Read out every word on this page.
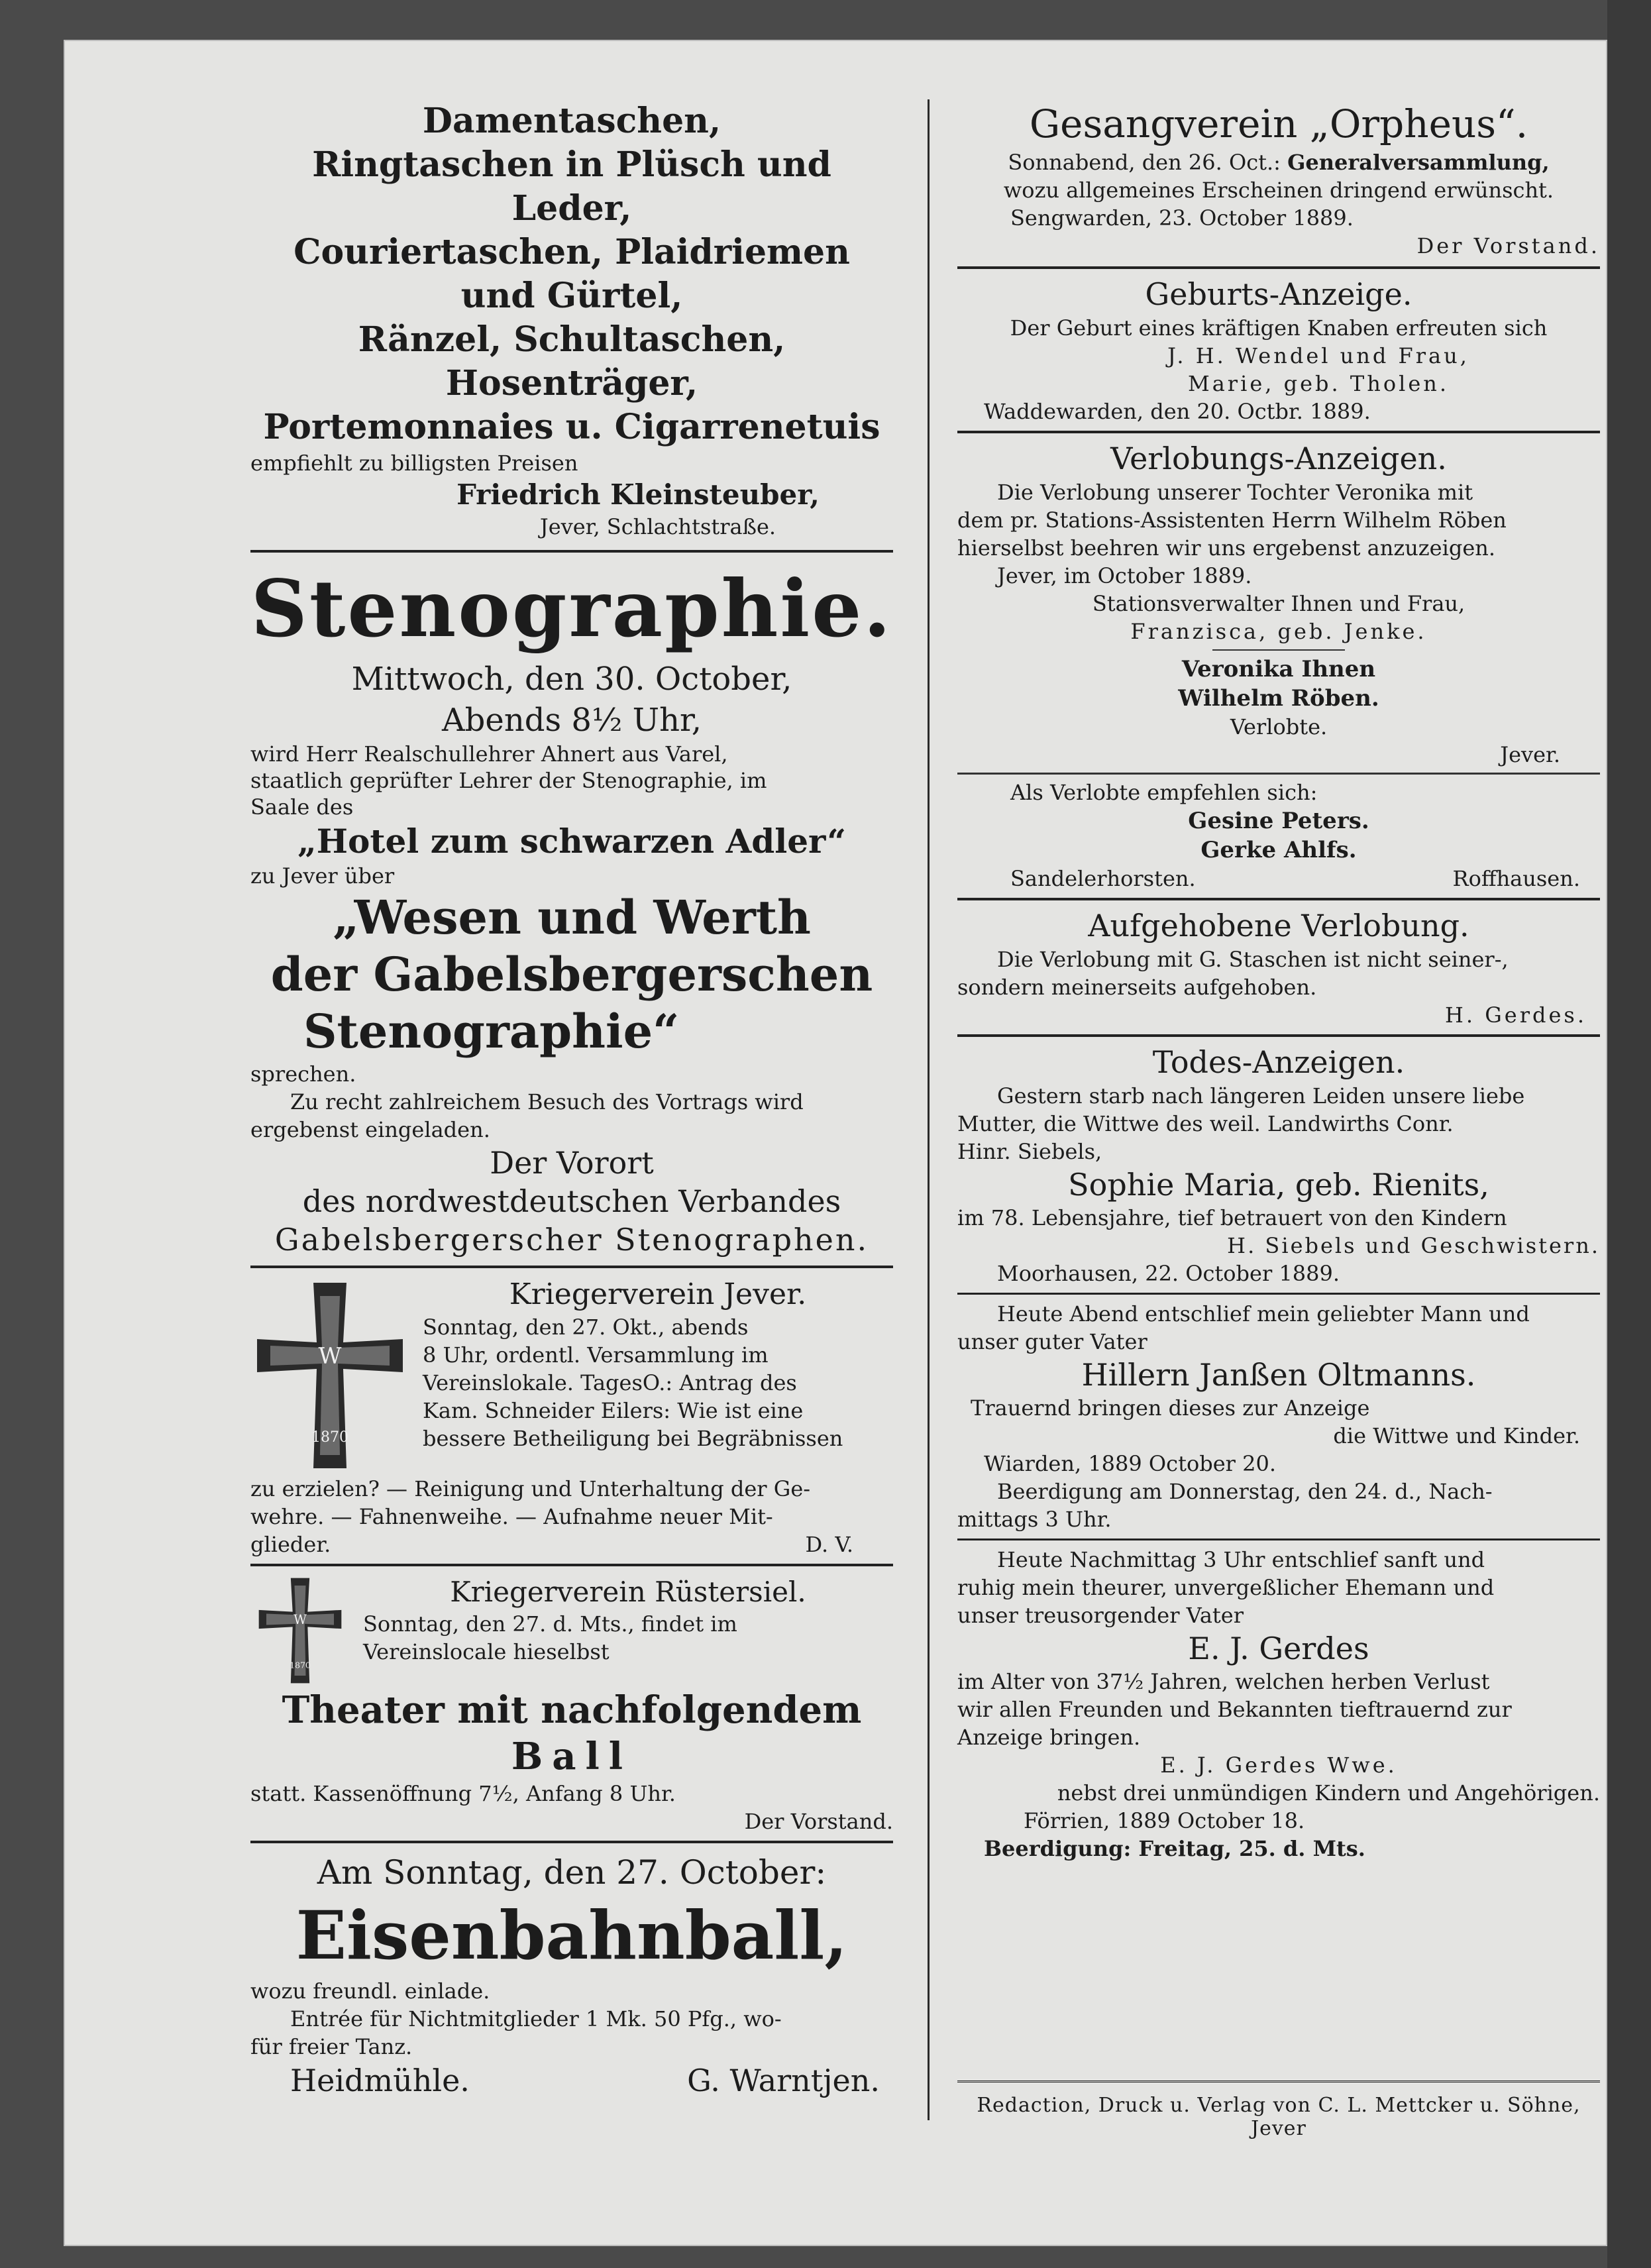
Damentaschen,

Ringtaschen in Plüsch und Leder,

Couriertaschen, Plaidriemen

und Gürtel,

Ränzel, Schultaschen, Hosenträger,

Portemonnaies u. Cigarrenetuis

empfiehlt zu billigsten Preisen

Friedrich Kleinsteuber,

Jever, Schlachtstraße.

Stenographie.

Mittwoch, den 30. October,

Abends 8½ Uhr,

wird Herr Realschullehrer Ahnert aus Varel,

staatlich geprüfter Lehrer der Stenographie, im

Saale des

„Hotel zum schwarzen Adler“

zu Jever über

„Wesen und Werth

der Gabelsbergerschen

Stenographie“

sprechen.

Zu recht zahlreichem Besuch des Vortrags wird

ergebenst eingeladen.

Der Vorort

des nordwestdeutschen Verbandes

Gabelsbergerscher Stenographen.

W
1870

Kriegerverein Jever.

Sonntag, den 27. Okt., abends

8 Uhr, ordentl. Versammlung im

Vereinslokale. TagesO.: Antrag des

Kam. Schneider Eilers: Wie ist eine

bessere Betheiligung bei Begräbnissen

zu erzielen? — Reinigung und Unterhaltung der Ge-

wehre. — Fahnenweihe. — Aufnahme neuer Mit-

glieder.	D. V.
W
1870

Kriegerverein Rüstersiel.

Sonntag, den 27. d. Mts., findet im

Vereinslocale hieselbst

Theater mit nachfolgendem

Ball

statt. Kassenöffnung 7½, Anfang 8 Uhr.

Der Vorstand.

Am Sonntag, den 27. October:

Eisenbahnball,

wozu freundl. einlade.

Entrée für Nichtmitglieder 1 Mk. 50 Pfg., wo-

für freier Tanz.

Heidmühle.	G. Warntjen.

Gesangverein „Orpheus“.

Sonnabend, den 26. Oct.: Generalversammlung,

wozu allgemeines Erscheinen dringend erwünscht.

Sengwarden, 23. October 1889.

Der Vorstand.

Geburts-Anzeige.

Der Geburt eines kräftigen Knaben erfreuten sich

J. H. Wendel und Frau,

Marie, geb. Tholen.

Waddewarden, den 20. Octbr. 1889.

Verlobungs-Anzeigen.

Die Verlobung unserer Tochter Veronika mit

dem pr. Stations-Assistenten Herrn Wilhelm Röben

hierselbst beehren wir uns ergebenst anzuzeigen.

Jever, im October 1889.

Stationsverwalter Ihnen und Frau,

Franzisca, geb. Jenke.

Veronika Ihnen

Wilhelm Röben.

Verlobte.

Jever.

Als Verlobte empfehlen sich:

Gesine Peters.

Gerke Ahlfs.

Sandelerhorsten.	Roffhausen.

Aufgehobene Verlobung.

Die Verlobung mit G. Staschen ist nicht seiner-,

sondern meinerseits aufgehoben.

H. Gerdes.

Todes-Anzeigen.

Gestern starb nach längeren Leiden unsere liebe

Mutter, die Wittwe des weil. Landwirths Conr.

Hinr. Siebels,

Sophie Maria, geb. Rienits,

im 78. Lebensjahre, tief betrauert von den Kindern

H. Siebels und Geschwistern.

Moorhausen, 22. October 1889.

Heute Abend entschlief mein geliebter Mann und

unser guter Vater

Hillern Janßen Oltmanns.

Trauernd bringen dieses zur Anzeige

die Wittwe und Kinder.

Wiarden, 1889 October 20.

Beerdigung am Donnerstag, den 24. d., Nach-

mittags 3 Uhr.

Heute Nachmittag 3 Uhr entschlief sanft und

ruhig mein theurer, unvergeßlicher Ehemann und

unser treusorgender Vater

E. J. Gerdes

im Alter von 37½ Jahren, welchen herben Verlust

wir allen Freunden und Bekannten tieftrauernd zur

Anzeige bringen.

E. J. Gerdes Wwe.

nebst drei unmündigen Kindern und Angehörigen.

Förrien, 1889 October 18.

Beerdigung: Freitag, 25. d. Mts.

Redaction, Druck u. Verlag von C. L. Mettcker u. Söhne, Jever
